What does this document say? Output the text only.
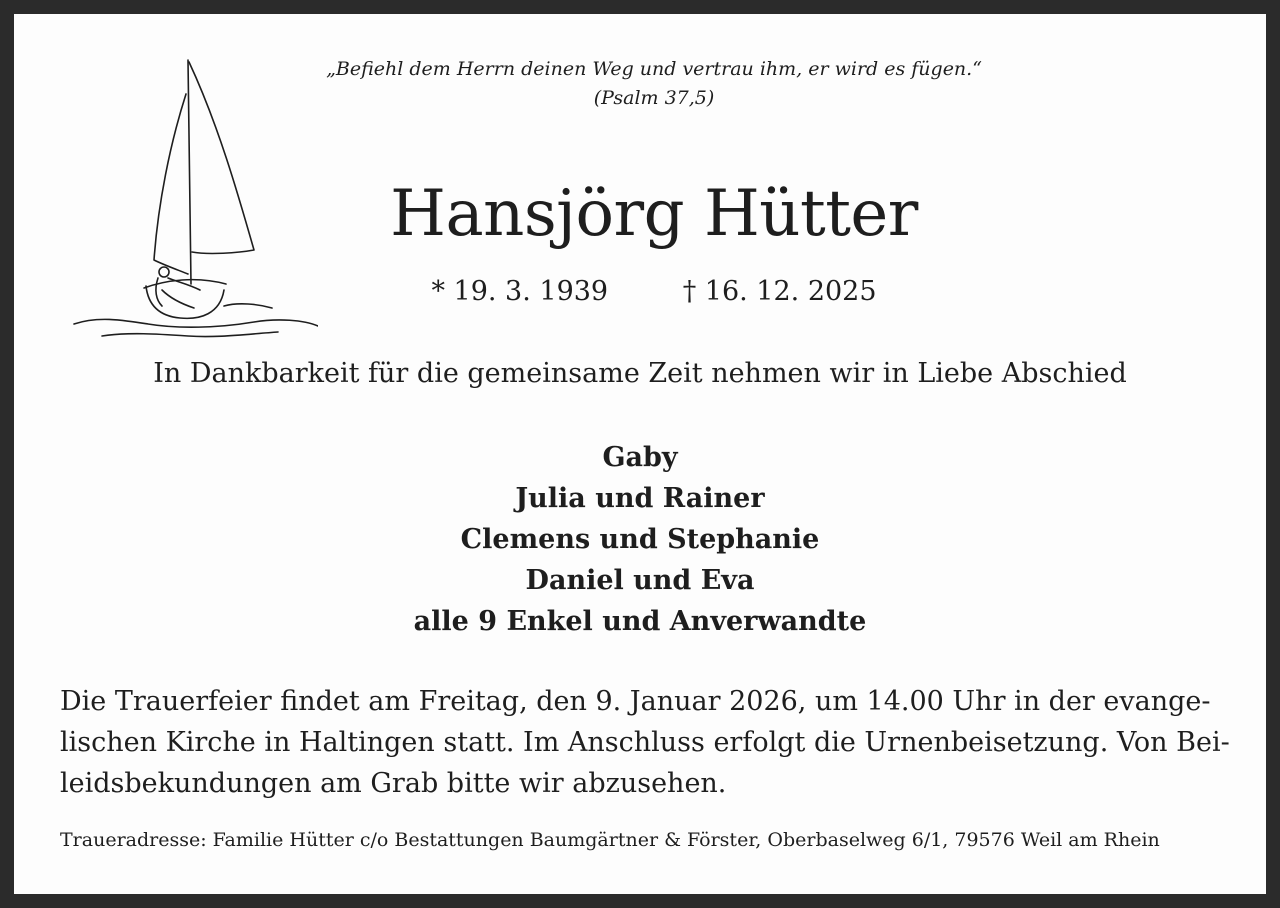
„Befiehl dem Herrn deinen Weg und vertrau ihm, er wird es fügen.“
(Psalm 37,5)
Hansjörg Hütter
* 19. 3. 1939	† 16. 12. 2025
In Dankbarkeit für die gemeinsame Zeit nehmen wir in Liebe Abschied
Gaby
Julia und Rainer
Clemens und Stephanie
Daniel und Eva
alle 9 Enkel und Anverwandte
Die Trauerfeier findet am Freitag, den 9. Januar 2026, um 14.00 Uhr in der evange-
lischen Kirche in Haltingen statt. Im Anschluss erfolgt die Urnenbeisetzung. Von Bei-
leidsbekundungen am Grab bitte wir abzusehen.
Traueradresse: Familie Hütter c/o Bestattungen Baumgärtner & Förster, Oberbaselweg 6/1, 79576 Weil am Rhein
